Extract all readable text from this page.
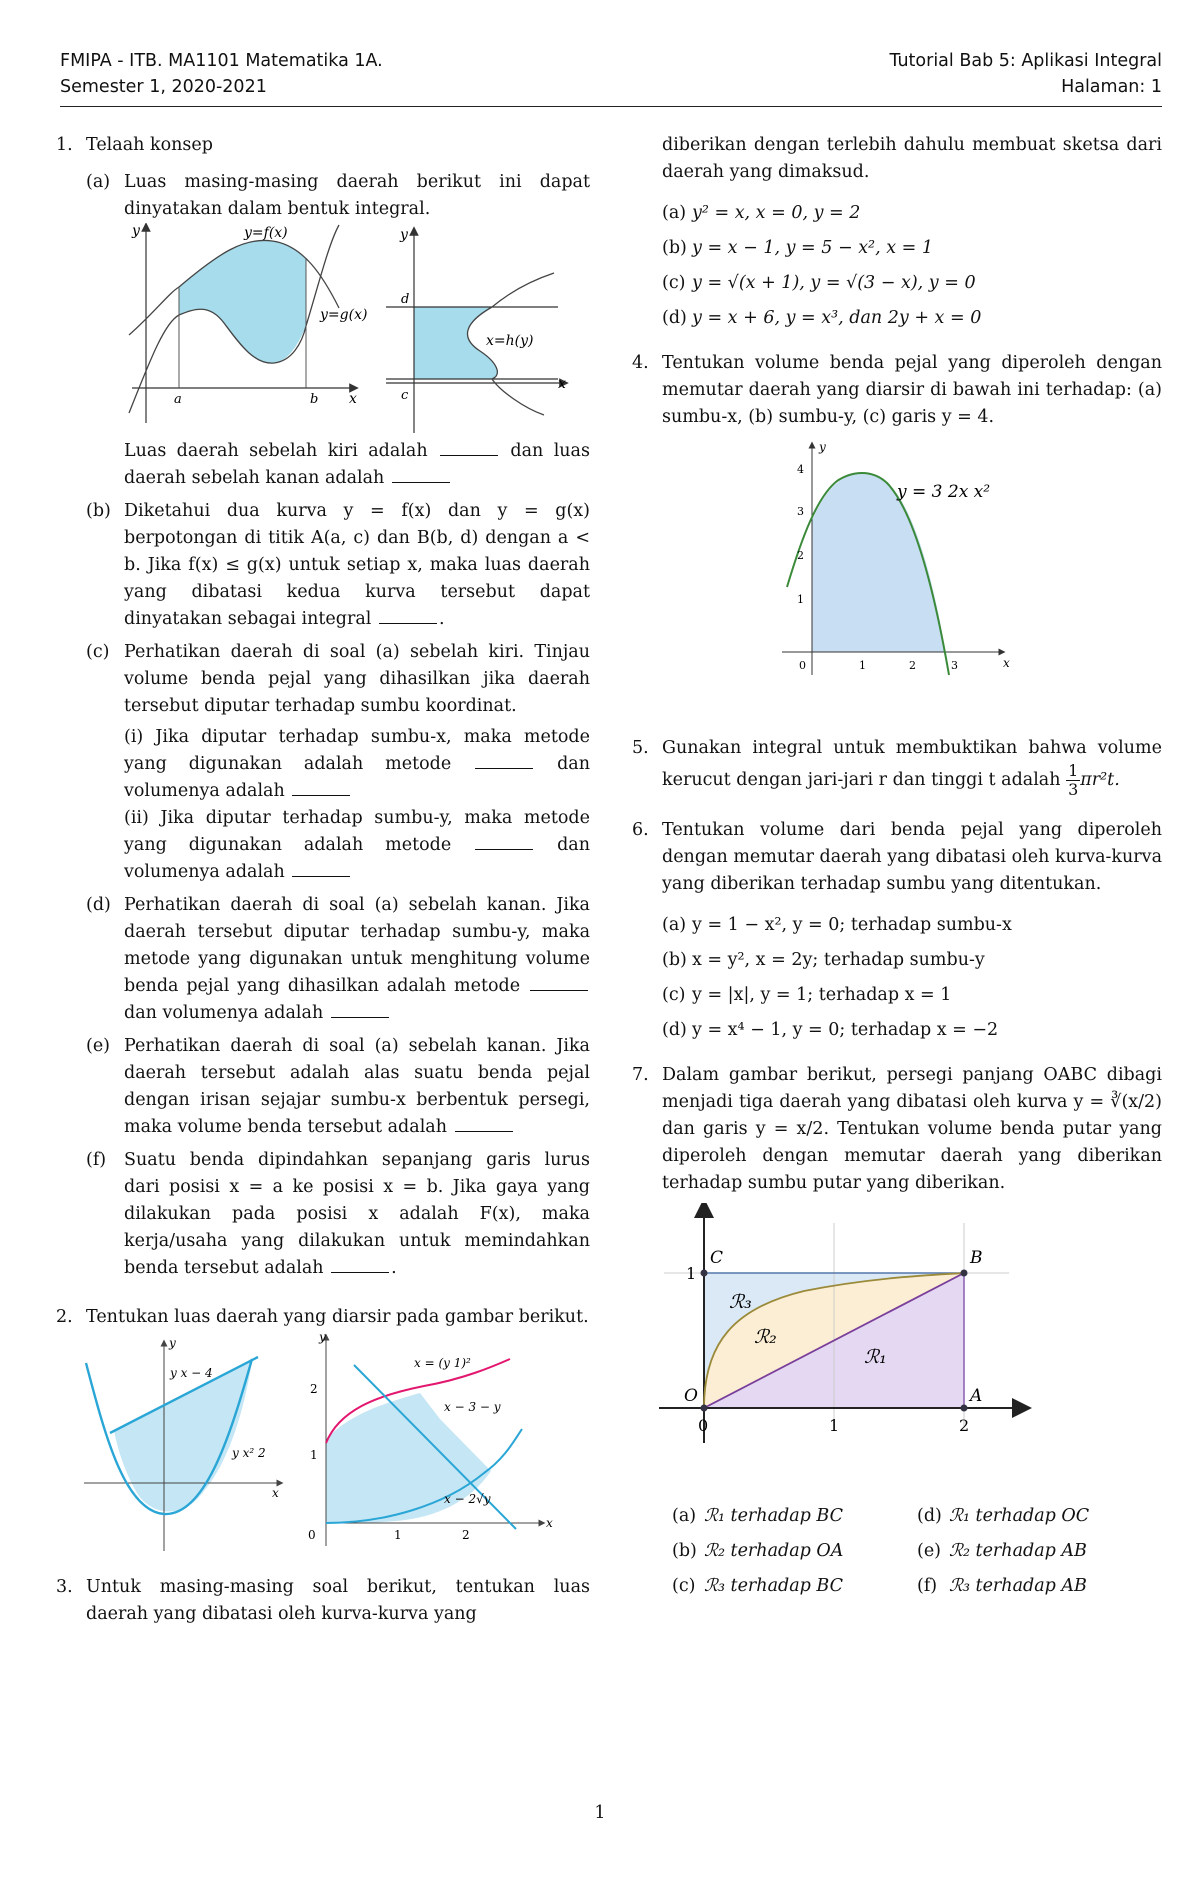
FMIPA - ITB. MA1101 Matematika 1A.
Semester 1, 2020-2021
Tutorial Bab 5: Aplikasi Integral
Halaman: 1
1. Telaah konsep
(a) Luas masing-masing daerah berikut ini dapat dinyatakan dalam bentuk integral.
y
x
a	b
y=f(x)
y=g(x)
y
x
d
c
x=h(y)
Luas daerah sebelah kiri adalah	dan luas daerah sebelah kanan adalah
(b) Diketahui dua kurva y = f(x) dan y = g(x) berpotongan di titik A(a, c) dan B(b, d) dengan a < b. Jika f(x) ≤ g(x) untuk setiap x, maka luas daerah yang dibatasi kedua kurva tersebut dapat dinyatakan sebagai integral	.
(c) Perhatikan daerah di soal (a) sebelah kiri. Tinjau volume benda pejal yang dihasilkan jika daerah tersebut diputar terhadap sumbu koordinat.
(i) Jika diputar terhadap sumbu-x, maka metode yang digunakan adalah metode	dan volumenya adalah
(ii) Jika diputar terhadap sumbu-y, maka metode yang digunakan adalah metode	dan volumenya adalah
(d) Perhatikan daerah di soal (a) sebelah kanan. Jika daerah tersebut diputar terhadap sumbu-y, maka metode yang digunakan untuk menghitung volume benda pejal yang dihasilkan adalah metode  dan volumenya adalah
(e) Perhatikan daerah di soal (a) sebelah kanan. Jika daerah tersebut adalah alas suatu benda pejal dengan irisan sejajar sumbu-x berbentuk persegi, maka volume benda tersebut adalah
(f) Suatu benda dipindahkan sepanjang garis lurus dari posisi x = a ke posisi x = b. Jika gaya yang dilakukan pada posisi x adalah F(x), maka kerja/usaha yang dilakukan untuk memindahkan benda tersebut adalah	.
2. Tentukan luas daerah yang diarsir pada gambar berikut.
y
x
y x − 4
y x² 2
y
x
x = (y 1)²
x − 3 − y
x − 2√y
0	1	2
1
2
3. Untuk masing-masing soal berikut, tentukan luas daerah yang dibatasi oleh kurva-kurva yang
diberikan dengan terlebih dahulu membuat sketsa dari daerah yang dimaksud.
(a) y² = x, x = 0, y = 2
(b) y = x − 1, y = 5 − x², x = 1
(c) y = √(x + 1), y = √(3 − x), y = 0
(d) y = x + 6, y = x³, dan 2y + x = 0
4. Tentukan volume benda pejal yang diperoleh dengan memutar daerah yang diarsir di bawah ini terhadap: (a) sumbu-x, (b) sumbu-y, (c) garis y = 4.
y
x
y = 3 2x x²
0	1	2	3
1
2
3
4
5. Gunakan integral untuk membuktikan bahwa volume kerucut dengan jari-jari r dan tinggi t adalah $\frac{1}{3} \pi r^2t$.
6. Tentukan volume dari benda pejal yang diperoleh dengan memutar daerah yang dibatasi oleh kurva-kurva yang diberikan terhadap sumbu yang ditentukan.
(a) y = 1 − x², y = 0; terhadap sumbu-x
(b) x = y², x = 2y; terhadap sumbu-y
(c) y = |x|, y = 1; terhadap x = 1
(d) y = x⁴ − 1, y = 0; terhadap x = −2
7. Dalam gambar berikut, persegi panjang OABC dibagi menjadi tiga daerah yang dibatasi oleh kurva y = ∛(x/2) dan garis y = x/2. Tentukan volume benda putar yang diperoleh dengan memutar daerah yang diberikan terhadap sumbu putar yang diberikan.
C	B
O	A
ℛ₃
ℛ₂
ℛ₁
0	1	2
1
(a) ℛ₁ terhadap BC	(d) ℛ₁ terhadap OC
(b) ℛ₂ terhadap OA	(e) ℛ₂ terhadap AB
(c) ℛ₃ terhadap BC	(f) ℛ₃ terhadap AB
1
